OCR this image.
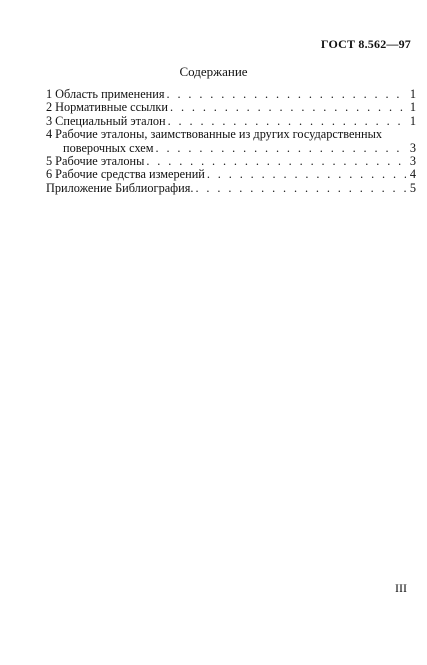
ГОСТ 8.562—97
Содержание
1 Область применения . . .	1
2 Нормативные ссылки . . .	1
3 Специальный эталон . . .	1
4 Рабочие эталоны, заимствованные из других государственных
поверочных схем . . .	3
5 Рабочие эталоны . . .	3
6 Рабочие средства измерений . . .	4
Приложение Библиография. . . .	5
III
